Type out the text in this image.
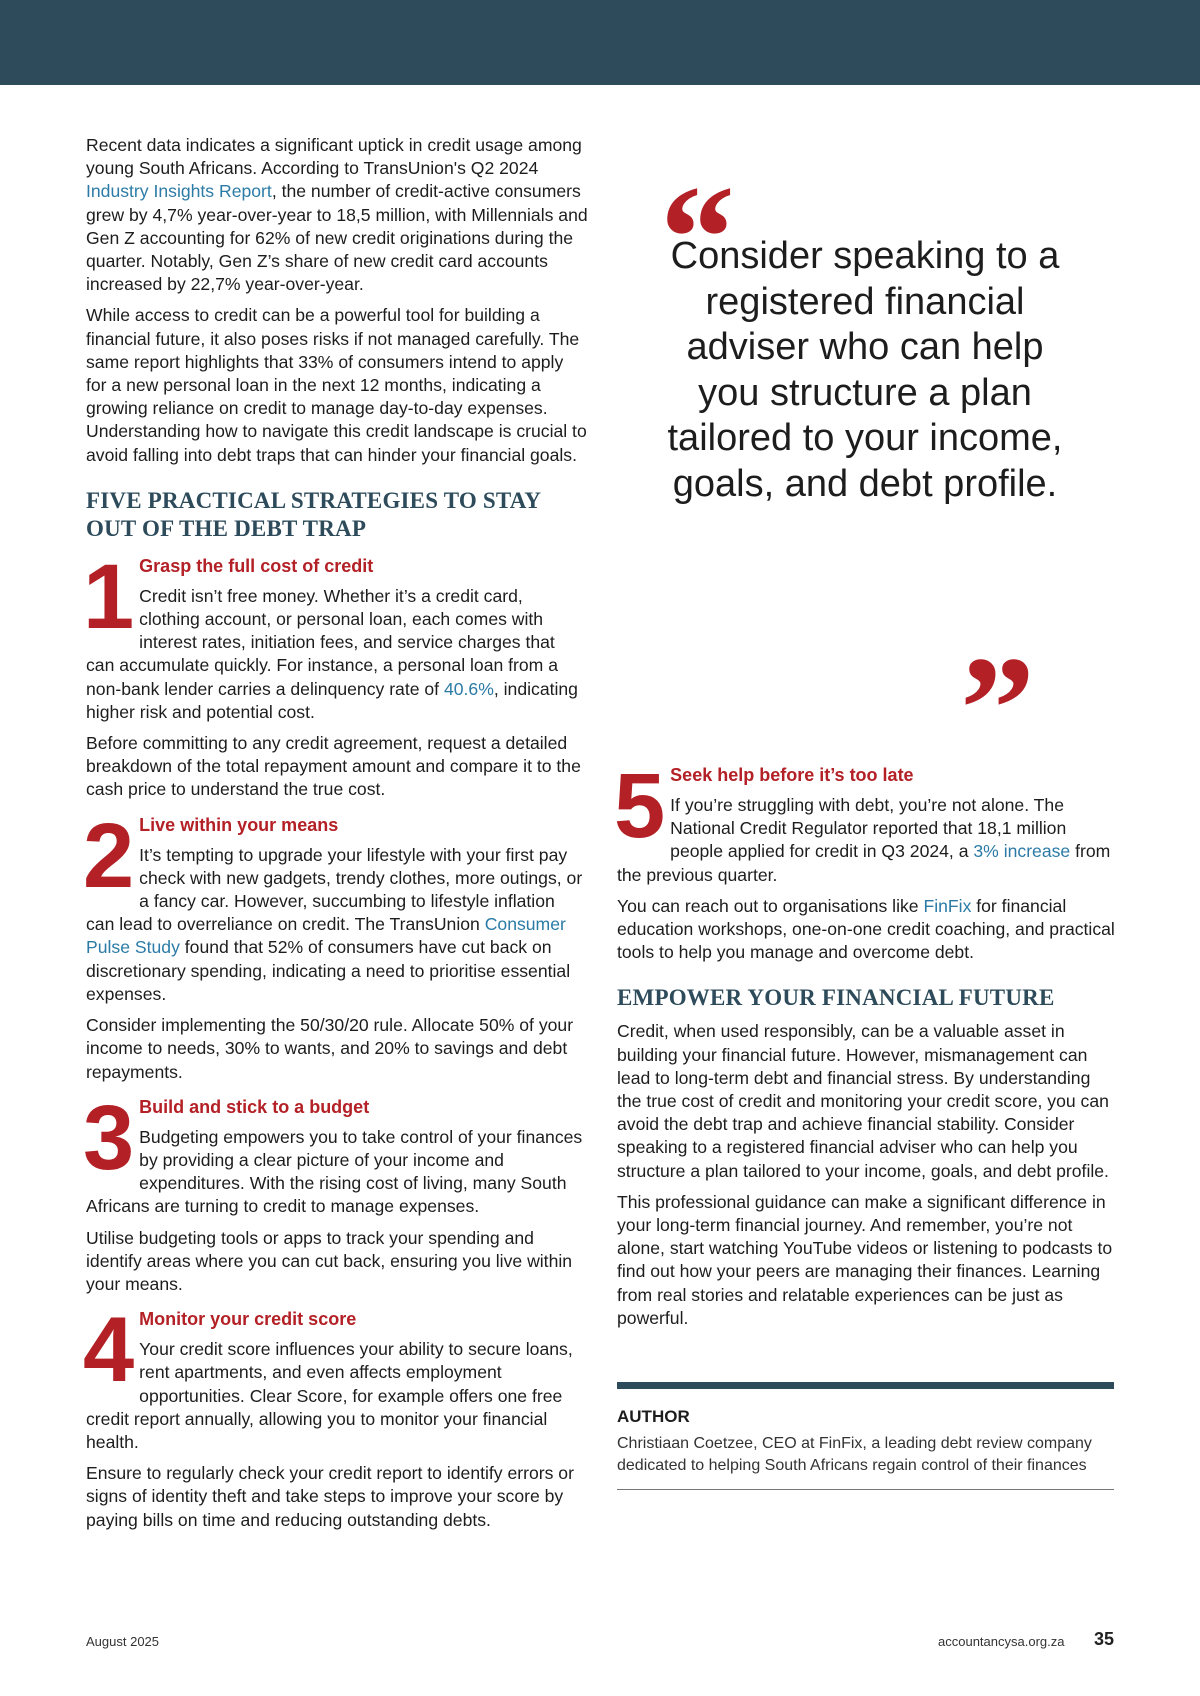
Recent data indicates a significant uptick in credit usage among young South Africans. According to TransUnion's Q2 2024 Industry Insights Report, the number of credit-active consumers grew by 4,7% year-over-year to 18,5 million, with Millennials and Gen Z accounting for 62% of new credit originations during the quarter. Notably, Gen Z’s share of new credit card accounts increased by 22,7% year-over-year.

While access to credit can be a powerful tool for building a financial future, it also poses risks if not managed carefully. The same report highlights that 33% of consumers intend to apply for a new personal loan in the next 12 months, indicating a growing reliance on credit to manage day-to-day expenses. Understanding how to navigate this credit landscape is crucial to avoid falling into debt traps that can hinder your financial goals.

FIVE PRACTICAL STRATEGIES TO STAY OUT OF THE DEBT TRAP
1 Grasp the full cost of credit

Credit isn’t free money. Whether it’s a credit card, clothing account, or personal loan, each comes with interest rates, initiation fees, and service charges that can accumulate quickly. For instance, a personal loan from a non-bank lender carries a delinquency rate of 40.6%, indicating higher risk and potential cost.

Before committing to any credit agreement, request a detailed breakdown of the total repayment amount and compare it to the cash price to understand the true cost.

2 Live within your means

It’s tempting to upgrade your lifestyle with your first pay check with new gadgets, trendy clothes, more outings, or a fancy car. However, succumbing to lifestyle inflation can lead to overreliance on credit. The TransUnion Consumer Pulse Study found that 52% of consumers have cut back on discretionary spending, indicating a need to prioritise essential expenses.

Consider implementing the 50/30/20 rule. Allocate 50% of your income to needs, 30% to wants, and 20% to savings and debt repayments.

3 Build and stick to a budget

Budgeting empowers you to take control of your finances by providing a clear picture of your income and expenditures. With the rising cost of living, many South Africans are turning to credit to manage expenses.

Utilise budgeting tools or apps to track your spending and identify areas where you can cut back, ensuring you live within your means.

4 Monitor your credit score

Your credit score influences your ability to secure loans, rent apartments, and even affects employment opportunities. Clear Score, for example offers one free credit report annually, allowing you to monitor your financial health.

Ensure to regularly check your credit report to identify errors or signs of identity theft and take steps to improve your score by paying bills on time and reducing outstanding debts.

“
Consider speaking to a registered financial adviser who can help you structure a plan tailored to your income, goals, and debt profile.
”
5 Seek help before it’s too late

If you’re struggling with debt, you’re not alone. The National Credit Regulator reported that 18,1 million people applied for credit in Q3 2024, a 3% increase from the previous quarter.

You can reach out to organisations like FinFix for financial education workshops, one-on-one credit coaching, and practical tools to help you manage and overcome debt.

EMPOWER YOUR FINANCIAL FUTURE

Credit, when used responsibly, can be a valuable asset in building your financial future. However, mismanagement can lead to long-term debt and financial stress. By understanding the true cost of credit and monitoring your credit score, you can avoid the debt trap and achieve financial stability. Consider speaking to a registered financial adviser who can help you structure a plan tailored to your income, goals, and debt profile.

This professional guidance can make a significant difference in your long-term financial journey. And remember, you’re not alone, start watching YouTube videos or listening to podcasts to find out how your peers are managing their finances. Learning from real stories and relatable experiences can be just as powerful.

AUTHOR

Christiaan Coetzee, CEO at FinFix, a leading debt review company dedicated to helping South Africans regain control of their finances

August 2025	accountancysa.org.za 35
